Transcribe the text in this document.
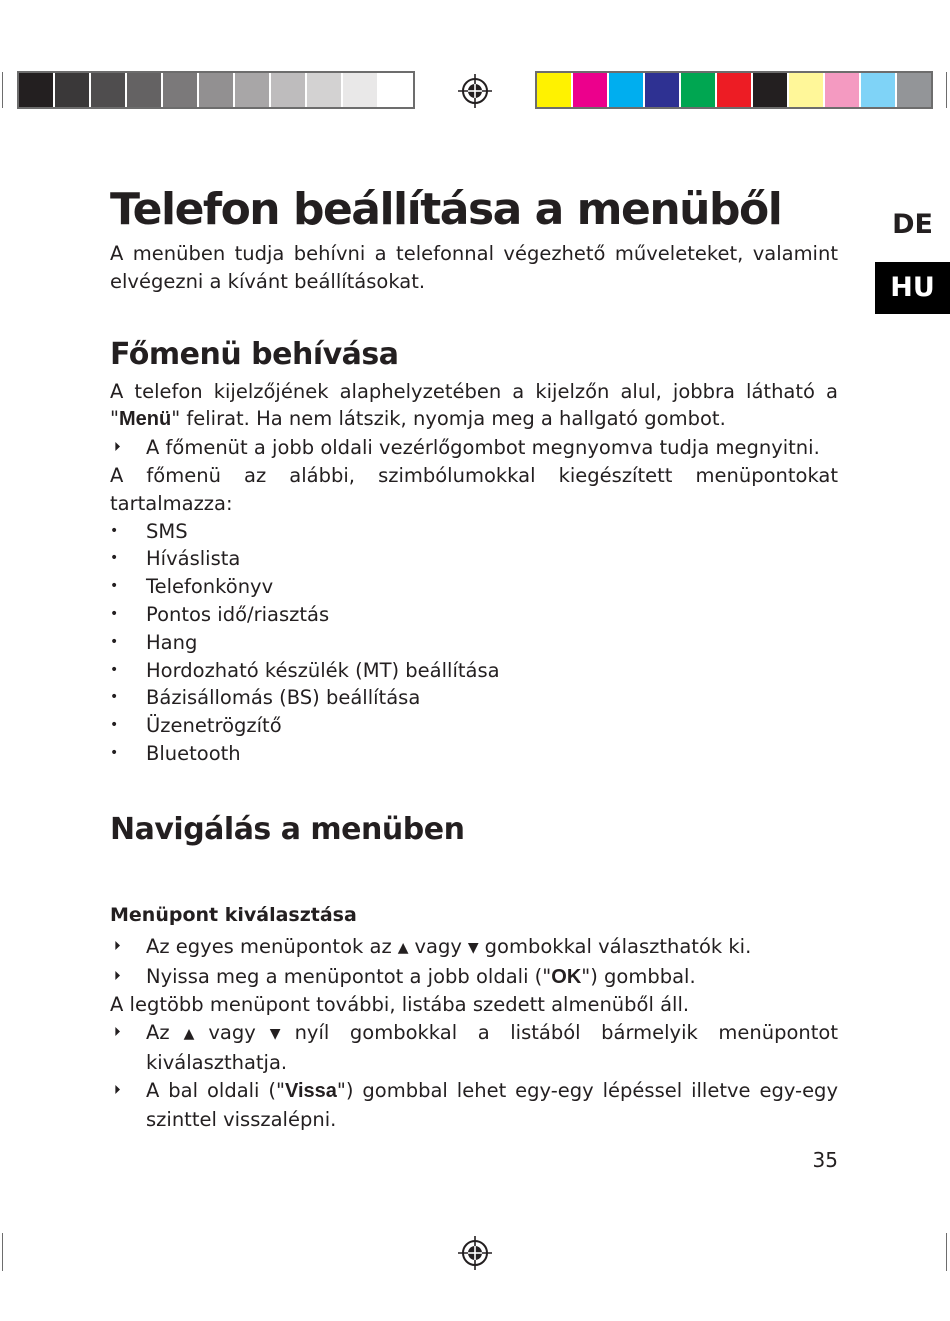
DE
HU
Telefon beállítása a menüből

A menüben tudja behívni a telefonnal végezhető műveleteket, valamint elvégezni a kívánt beállításokat.

Főmenü behívása

A telefon kijelzőjének alaphelyzetében a kijelzőn alul, jobbra látható a "Menü" felirat. Ha nem látszik, nyomja meg a hallgató gombot.

⏵ A főmenüt a jobb oldali vezérlőgombot megnyomva tudja megnyitni.

A főmenü az alábbi, szimbólumokkal kiegészített menüpontokat tartalmazza:

• SMS
• Híváslista
• Telefonkönyv
• Pontos idő/riasztás
• Hang
• Hordozható készülék (MT) beállítása
• Bázisállomás (BS) beállítása
• Üzenetrögzítő
• Bluetooth
Navigálás a menüben
Menüpont kiválasztása
⏵ Az egyes menüpontok az ▲ vagy ▼ gombokkal választhatók ki.
⏵ Nyissa meg a menüpontot a jobb oldali ("OK") gombbal.

A legtöbb menüpont további, listába szedett almenüből áll.

⏵ Az ▲ vagy ▼ nyíl gombokkal a listából bármelyik menüpontot kiválaszthatja.
⏵ A bal oldali ("Vissa") gombbal lehet egy-egy lépéssel illetve egy-egy szinttel visszalépni.
35
